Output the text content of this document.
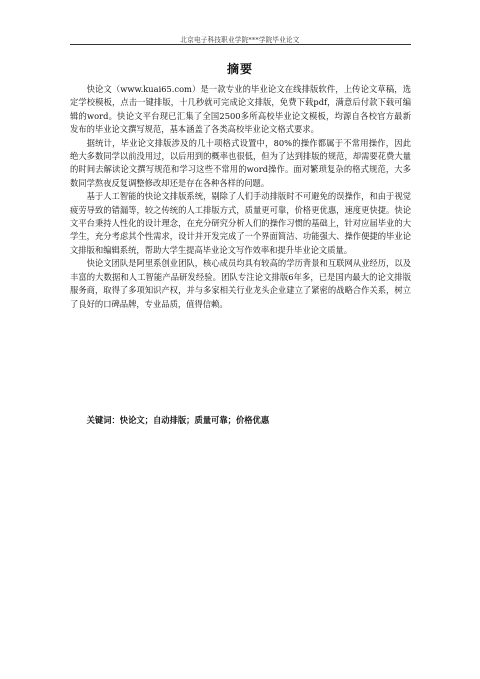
北京电子科技职业学院***学院毕业论文
摘要

快论文（www.kuai65.com）是一款专业的毕业论文在线排版软件，上传论文草稿，选定学校模板，点击一键排版，十几秒就可完成论文排版，免费下载pdf，满意后付款下载可编辑的word。快论文平台现已汇集了全国2500多所高校毕业论文模板，均源自各校官方最新发布的毕业论文撰写规范，基本涵盖了各类高校毕业论文格式要求。

据统计，毕业论文排版涉及的几十项格式设置中，80%的操作都属于不常用操作，因此绝大多数同学以前没用过，以后用到的概率也很低，但为了达到排版的规范，却需要花费大量的时间去解读论文撰写规范和学习这些不常用的word操作。面对繁琐复杂的格式规范，大多数同学熬夜反复调整修改却还是存在各种各样的问题。

基于人工智能的快论文排版系统，剔除了人们手动排版时不可避免的误操作，和由于视觉疲劳导致的错漏等，较之传统的人工排版方式，质量更可靠，价格更优惠，速度更快捷。快论文平台秉持人性化的设计理念，在充分研究分析人们的操作习惯的基础上，针对应届毕业的大学生，充分考虑其个性需求，设计并开发完成了一个界面简洁、功能强大、操作便捷的毕业论文排版和编辑系统，帮助大学生提高毕业论文写作效率和提升毕业论文质量。

快论文团队是阿里系创业团队，核心成员均具有较高的学历背景和互联网从业经历，以及丰富的大数据和人工智能产品研发经验。团队专注论文排版6年多，已是国内最大的论文排版服务商，取得了多项知识产权，并与多家相关行业龙头企业建立了紧密的战略合作关系，树立了良好的口碑品牌，专业品质，值得信赖。

关键词：快论文；自动排版；质量可靠；价格优惠
